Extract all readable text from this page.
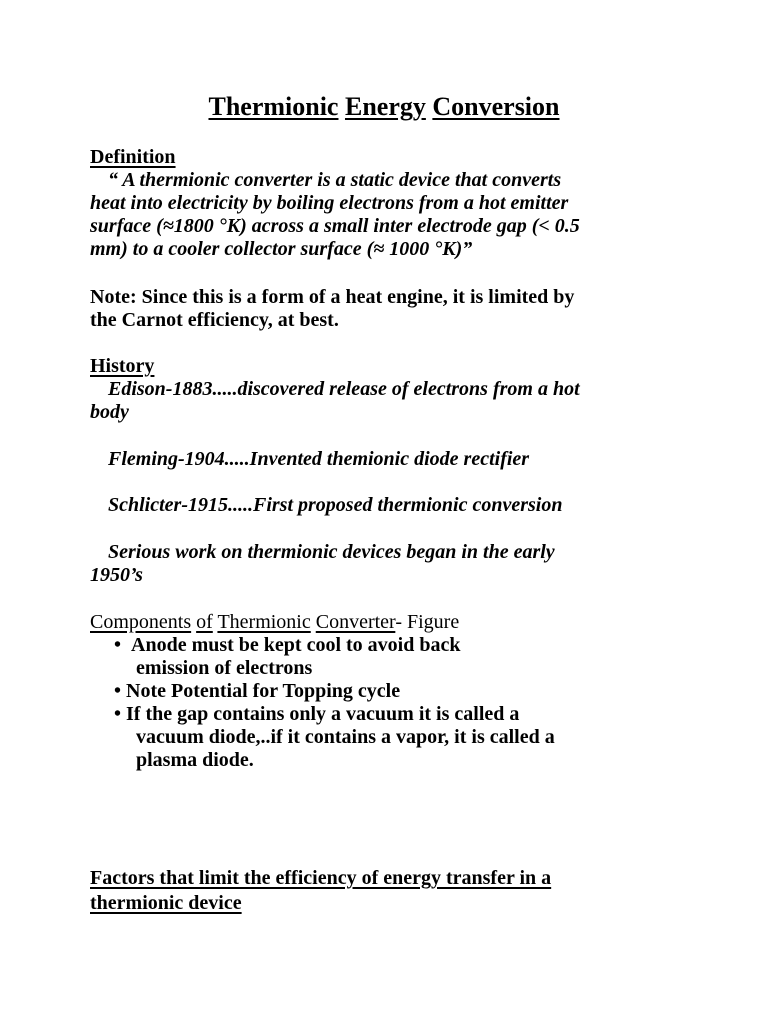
Thermionic Energy Conversion
Definition
“ A thermionic converter is a static device that converts
heat into electricity by boiling electrons from a hot emitter
surface (≈1800 °K) across a small inter electrode gap (< 0.5
mm) to a cooler collector surface (≈ 1000 °K)”
Note: Since this is a form of a heat engine, it is limited by
the Carnot efficiency, at best.
History
Edison-1883.....discovered release of electrons from a hot
body
Fleming-1904.....Invented themionic diode rectifier
Schlicter-1915.....First proposed thermionic conversion
Serious work on thermionic devices began in the early
1950’s
Components of Thermionic Converter- Figure
• Anode must be kept cool to avoid back
emission of electrons
• Note Potential for Topping cycle
• If the gap contains only a vacuum it is called a
vacuum diode,..if it contains a vapor, it is called a
plasma diode.
Factors that limit the efficiency of energy transfer in a
thermionic device
